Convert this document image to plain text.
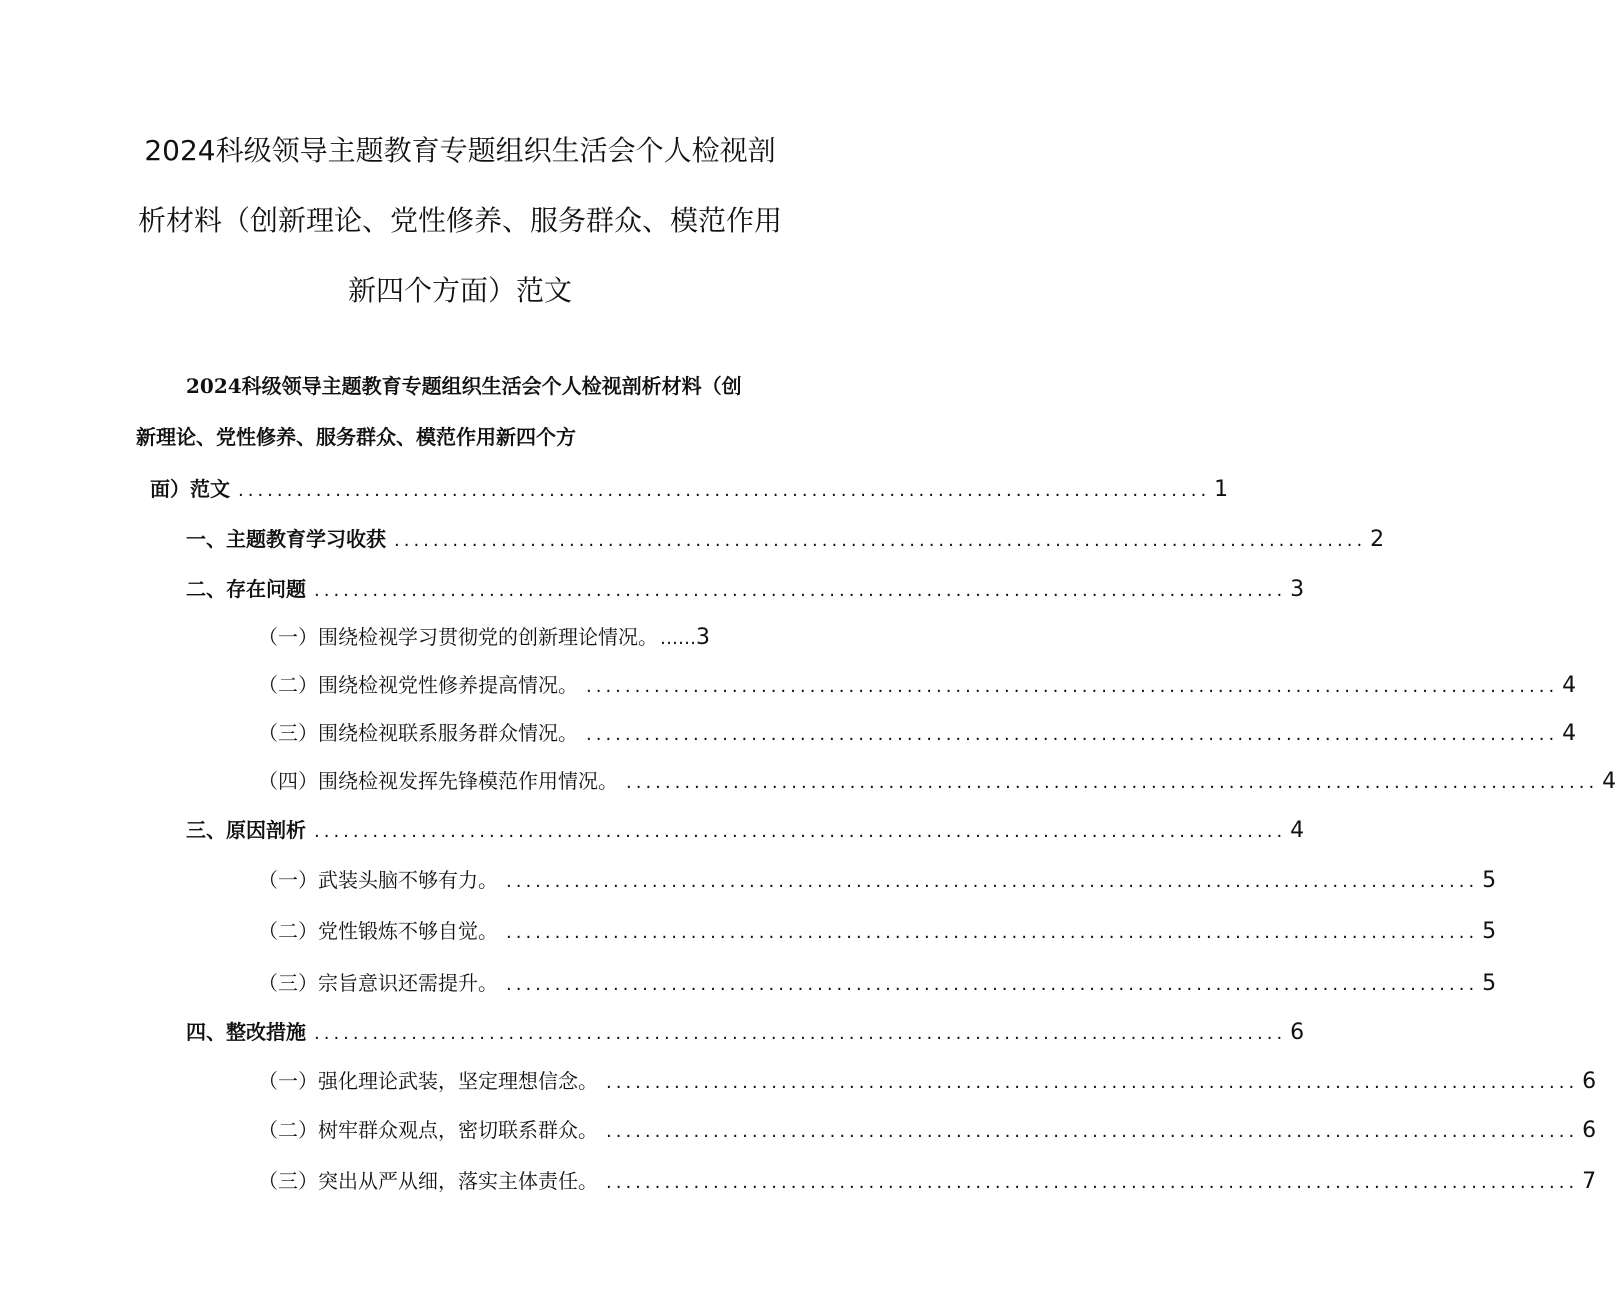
2024科级领导主题教育专题组织生活会个人检视剖
析材料（创新理论、党性修养、服务群众、模范作用
新四个方面）范文
2024科级领导主题教育专题组织生活会个人检视剖析材料（创
新理论、党性修养、服务群众、模范作用新四个方
面）范文 .................................................................................................... 1
一、主题教育学习收获 .................................................................................................... 2
二、存在问题 .................................................................................................... 3
（一）围绕检视学习贯彻党的创新理论情况。 …… 3
（二）围绕检视党性修养提高情况。 .................................................................................................... 4
（三）围绕检视联系服务群众情况。 .................................................................................................... 4
（四）围绕检视发挥先锋模范作用情况。 .................................................................................................... 4
三、原因剖析 .................................................................................................... 4
（一）武装头脑不够有力。 .................................................................................................... 5
（二）党性锻炼不够自觉。 .................................................................................................... 5
（三）宗旨意识还需提升。 .................................................................................................... 5
四、整改措施 .................................................................................................... 6
（一）强化理论武装，坚定理想信念。 .................................................................................................... 6
（二）树牢群众观点，密切联系群众。 .................................................................................................... 6
（三）突出从严从细，落实主体责任。 .................................................................................................... 7
